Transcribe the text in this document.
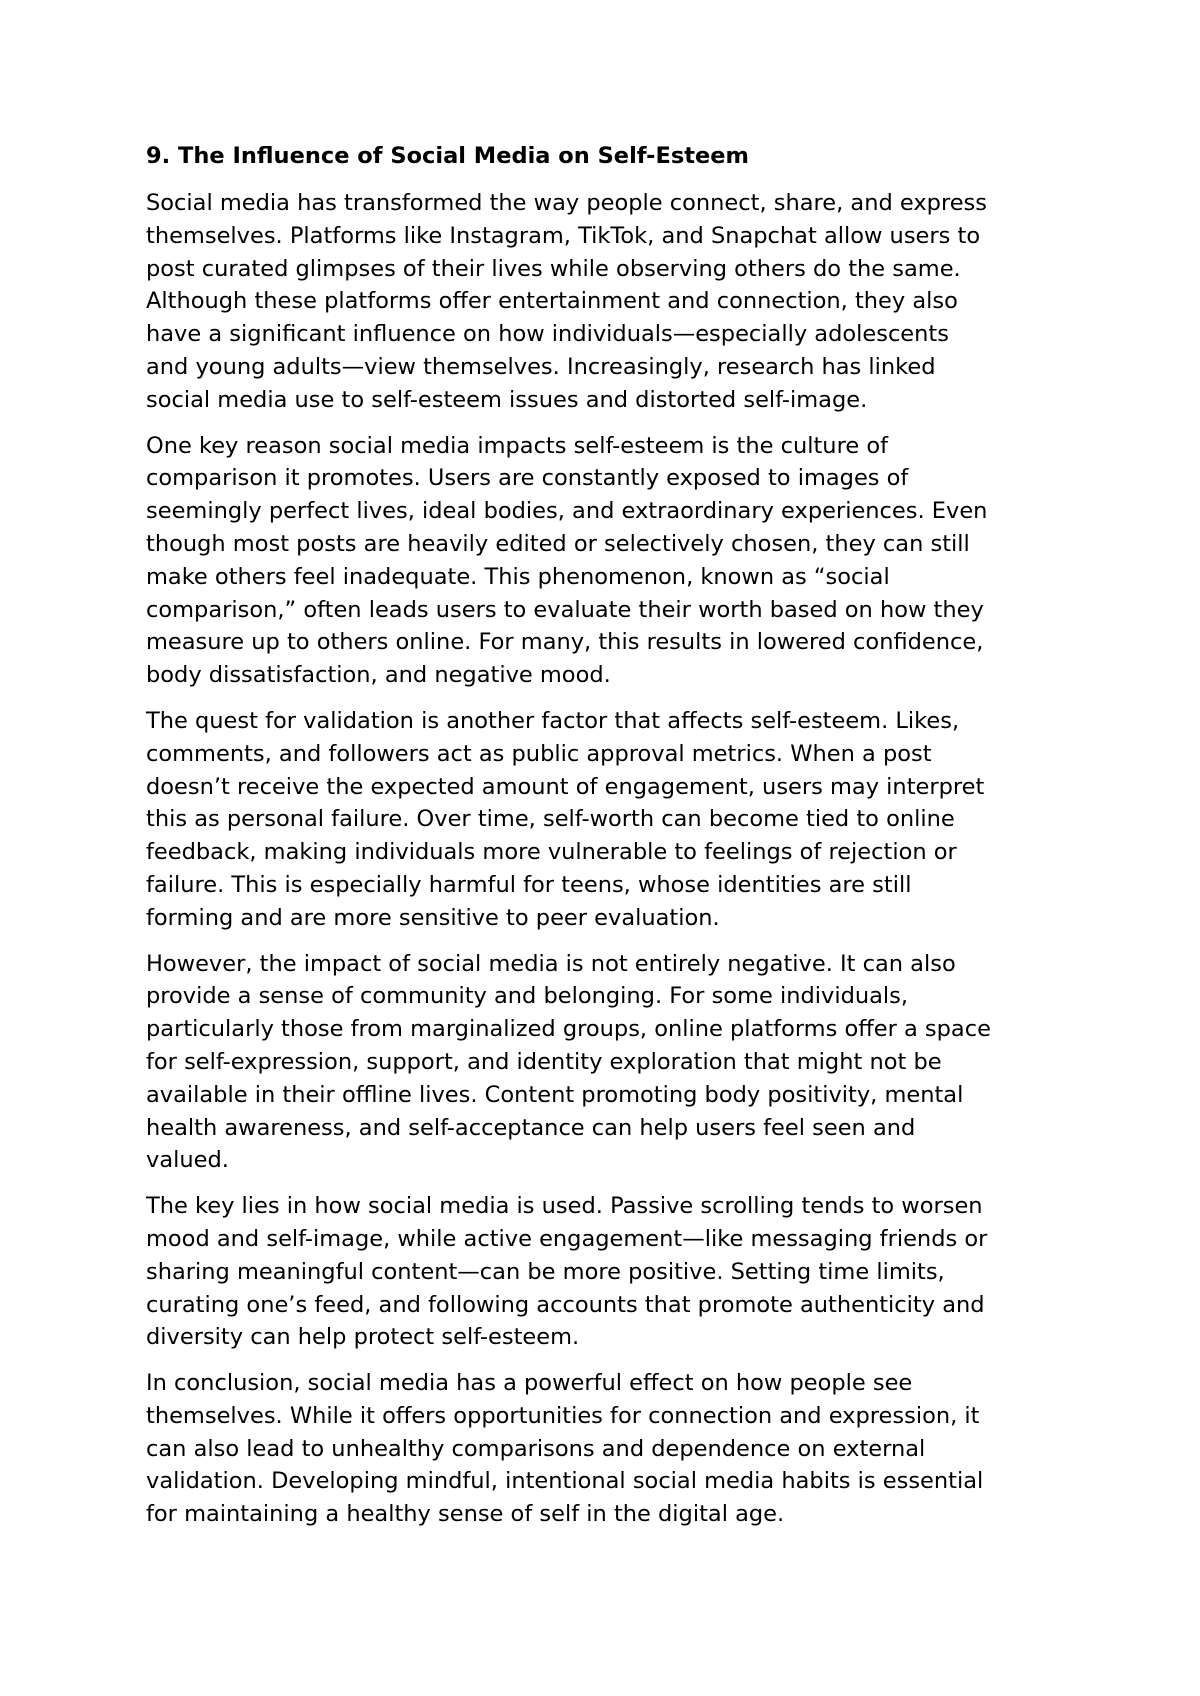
9. The Influence of Social Media on Self-Esteem
Social media has transformed the way people connect, share, and express
themselves. Platforms like Instagram, TikTok, and Snapchat allow users to
post curated glimpses of their lives while observing others do the same.
Although these platforms offer entertainment and connection, they also
have a significant influence on how individuals—especially adolescents
and young adults—view themselves. Increasingly, research has linked
social media use to self-esteem issues and distorted self-image.
One key reason social media impacts self-esteem is the culture of
comparison it promotes. Users are constantly exposed to images of
seemingly perfect lives, ideal bodies, and extraordinary experiences. Even
though most posts are heavily edited or selectively chosen, they can still
make others feel inadequate. This phenomenon, known as “social
comparison,” often leads users to evaluate their worth based on how they
measure up to others online. For many, this results in lowered confidence,
body dissatisfaction, and negative mood.
The quest for validation is another factor that affects self-esteem. Likes,
comments, and followers act as public approval metrics. When a post
doesn’t receive the expected amount of engagement, users may interpret
this as personal failure. Over time, self-worth can become tied to online
feedback, making individuals more vulnerable to feelings of rejection or
failure. This is especially harmful for teens, whose identities are still
forming and are more sensitive to peer evaluation.
However, the impact of social media is not entirely negative. It can also
provide a sense of community and belonging. For some individuals,
particularly those from marginalized groups, online platforms offer a space
for self-expression, support, and identity exploration that might not be
available in their offline lives. Content promoting body positivity, mental
health awareness, and self-acceptance can help users feel seen and
valued.
The key lies in how social media is used. Passive scrolling tends to worsen
mood and self-image, while active engagement—like messaging friends or
sharing meaningful content—can be more positive. Setting time limits,
curating one’s feed, and following accounts that promote authenticity and
diversity can help protect self-esteem.
In conclusion, social media has a powerful effect on how people see
themselves. While it offers opportunities for connection and expression, it
can also lead to unhealthy comparisons and dependence on external
validation. Developing mindful, intentional social media habits is essential
for maintaining a healthy sense of self in the digital age.
